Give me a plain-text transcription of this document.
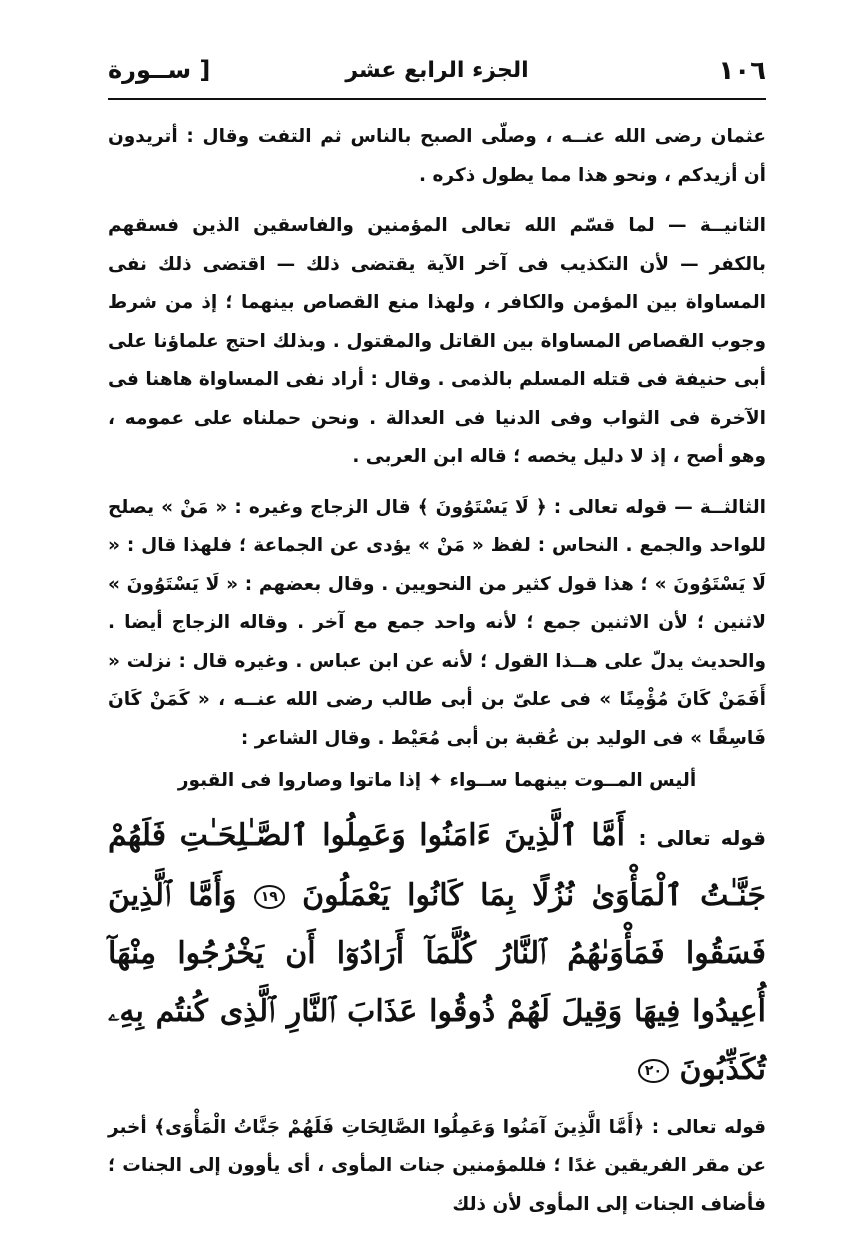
١٠٦
الجزء الرابع عشر
[ ســورة

عثمان رضى الله عنــه ، وصلّى الصبح بالناس ثم التفت وقال : أتريدون أن أزيدكم ، ونحو هذا مما يطول ذكره .

الثانيــة — لما قسّم الله تعالى المؤمنين والفاسقين الذين فسقهم بالكفر — لأن التكذيب فى آخر الآية يقتضى ذلك — اقتضى ذلك نفى المساواة بين المؤمن والكافر ، ولهذا منع القصاص بينهما ؛ إذ من شرط وجوب القصاص المساواة بين القاتل والمقتول . وبذلك احتج علماؤنا على أبى حنيفة فى قتله المسلم بالذمى . وقال : أراد نفى المساواة هاهنا فى الآخرة فى الثواب وفى الدنيا فى العدالة . ونحن حملناه على عمومه ، وهو أصح ، إذ لا دليل يخصه ؛ قاله ابن العربى .

الثالثــة — قوله تعالى : ﴿ لَا يَسْتَوُونَ ﴾ قال الزجاج وغيره : « مَنْ » يصلح للواحد والجمع . النحاس : لفظ « مَنْ » يؤدى عن الجماعة ؛ فلهذا قال : « لَا يَسْتَوُونَ » ؛ هذا قول كثير من النحويين . وقال بعضهم : « لَا يَسْتَوُونَ » لاثنين ؛ لأن الاثنين جمع ؛ لأنه واحد جمع مع آخر . وقاله الزجاج أيضا . والحديث يدلّ على هــذا القول ؛ لأنه عن ابن عباس . وغيره قال : نزلت « أَفَمَنْ كَانَ مُؤْمِنًا » فى علىّ بن أبى طالب رضى الله عنــه ، « كَمَنْ كَانَ فَاسِقًا » فى الوليد بن عُقبة بن أبى مُعَيْط . وقال الشاعر :

أليس المــوت بينهما ســواء ✦ إذا ماتوا وصاروا فى القبور

قوله تعالى : أَمَّا ٱلَّذِينَ ءَامَنُوا وَعَمِلُوا ٱلصَّـٰلِحَـٰتِ فَلَهُمْ جَنَّـٰتُ ٱلْمَأْوَىٰ نُزُلًا بِمَا كَانُوا يَعْمَلُونَ ١٩ وَأَمَّا ٱلَّذِينَ فَسَقُوا فَمَأْوَىٰهُمُ ٱلنَّارُ كُلَّمَآ أَرَادُوٓا أَن يَخْرُجُوا مِنْهَآ أُعِيدُوا فِيهَا وَقِيلَ لَهُمْ ذُوقُوا عَذَابَ ٱلنَّارِ ٱلَّذِى كُنتُم بِهِۦ تُكَذِّبُونَ ٢٠

قوله تعالى : ﴿أَمَّا الَّذِينَ آمَنُوا وَعَمِلُوا الصَّالِحَاتِ فَلَهُمْ جَنَّاتُ الْمَأْوَى﴾ أخبر عن مقر الفريقين غدًا ؛ فللمؤمنين جنات المأوى ، أى يأوون إلى الجنات ؛ فأضاف الجنات إلى المأوى لأن ذلك
